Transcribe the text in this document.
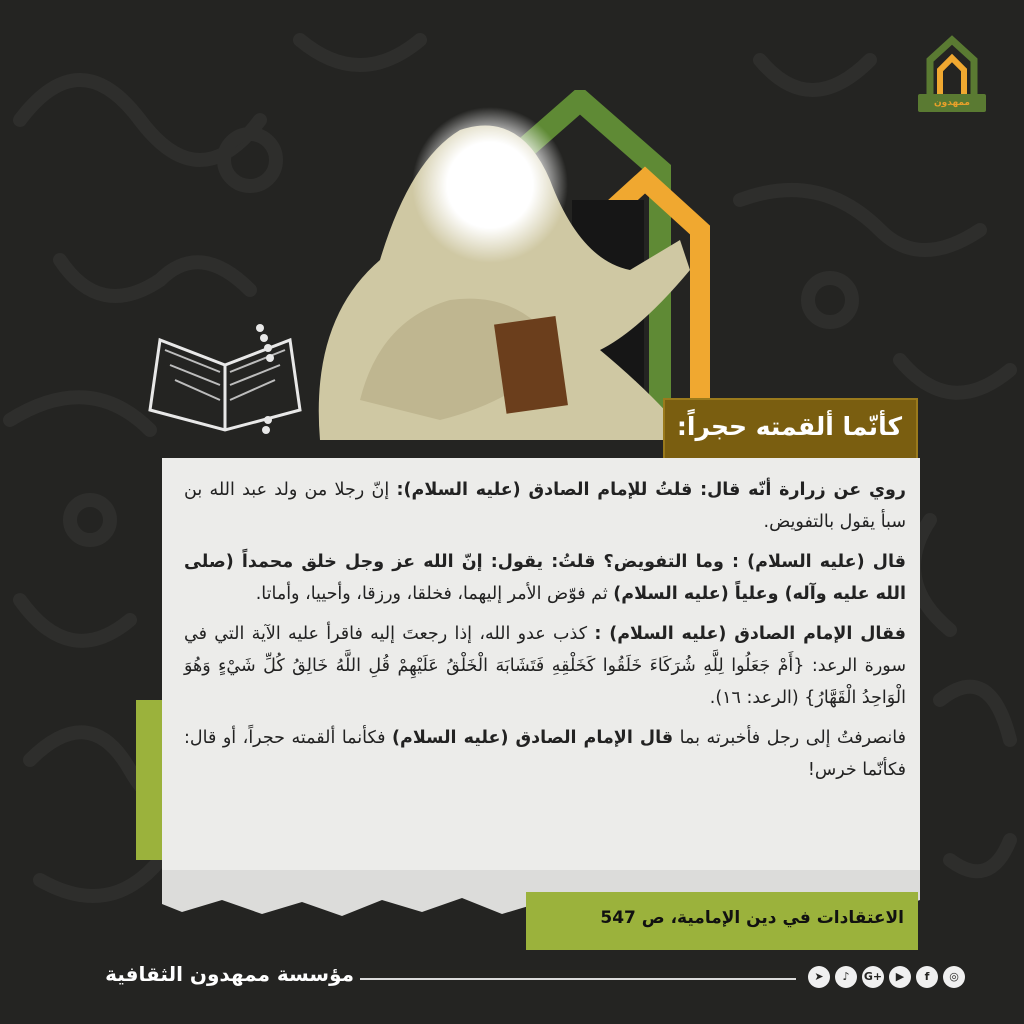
ممهدون
كأنّما ألقمته حجراً:

روي عن زرارة أنّه قال: قلتُ للإمام الصادق (عليه السلام): إنّ رجلا من ولد عبد الله بن سبأ يقول بالتفويض.

قال (عليه السلام) : وما التفويض؟ قلتُ: يقول: إنّ الله عز وجل خلق محمداً (صلى الله عليه وآله) وعلياً (عليه السلام) ثم فوّض الأمر إليهما، فخلقا، ورزقا، وأحييا، وأماتا.

فقال الإمام الصادق (عليه السلام) : كذب عدو الله، إذا رجعتَ إليه فاقرأ عليه الآية التي في سورة الرعد: {أَمْ جَعَلُوا لِلَّهِ شُرَكَاءَ خَلَقُوا كَخَلْقِهِ فَتَشَابَهَ الْخَلْقُ عَلَيْهِمْ قُلِ اللَّهُ خَالِقُ كُلِّ شَيْءٍ وَهُوَ الْوَاحِدُ الْقَهَّارُ} (الرعد: ١٦).

فانصرفتُ إلى رجل فأخبرته بما قال الإمام الصادق (عليه السلام) فكأنما ألقمته حجراً، أو قال: فكأنّما خرس!

الاعتقادات في دين الإمامية، ص 547
مؤسسة ممهدون الثقافية	➤	♪	G+	▶	f	◎
